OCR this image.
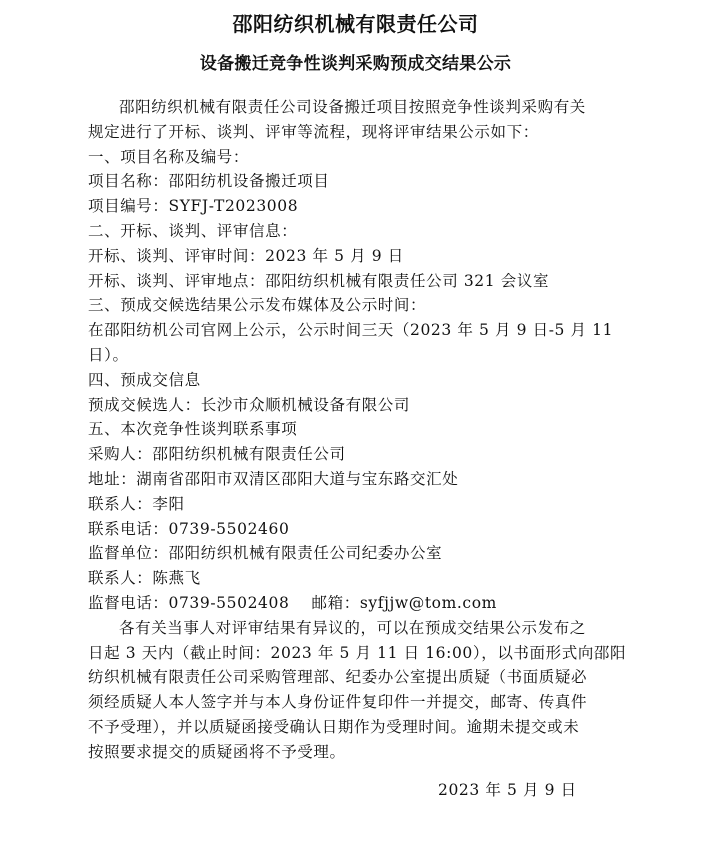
邵阳纺织机械有限责任公司
设备搬迁竞争性谈判采购预成交结果公示
邵阳纺织机械有限责任公司设备搬迁项目按照竞争性谈判采购有关
规定进行了开标、谈判、评审等流程，现将评审结果公示如下：
一、项目名称及编号：
项目名称：邵阳纺机设备搬迁项目
项目编号：SYFJ-T2023008
二、开标、谈判、评审信息：
开标、谈判、评审时间：2023 年 5 月 9 日
开标、谈判、评审地点：邵阳纺织机械有限责任公司 321 会议室
三、预成交候选结果公示发布媒体及公示时间：
在邵阳纺机公司官网上公示，公示时间三天（2023 年 5 月 9 日-5 月 11
日）。
四、预成交信息
预成交候选人：长沙市众顺机械设备有限公司
五、本次竞争性谈判联系事项
采购人：邵阳纺织机械有限责任公司
地址：湖南省邵阳市双清区邵阳大道与宝东路交汇处
联系人：李阳
联系电话：0739-5502460
监督单位：邵阳纺织机械有限责任公司纪委办公室
联系人：陈燕飞
监督电话：0739-5502408    邮箱：syfjjw@tom.com
各有关当事人对评审结果有异议的，可以在预成交结果公示发布之
日起 3 天内（截止时间：2023 年 5 月 11 日 16:00），以书面形式向邵阳
纺织机械有限责任公司采购管理部、纪委办公室提出质疑（书面质疑必
须经质疑人本人签字并与本人身份证件复印件一并提交，邮寄、传真件
不予受理），并以质疑函接受确认日期作为受理时间。逾期未提交或未
按照要求提交的质疑函将不予受理。
2023 年 5 月 9 日
